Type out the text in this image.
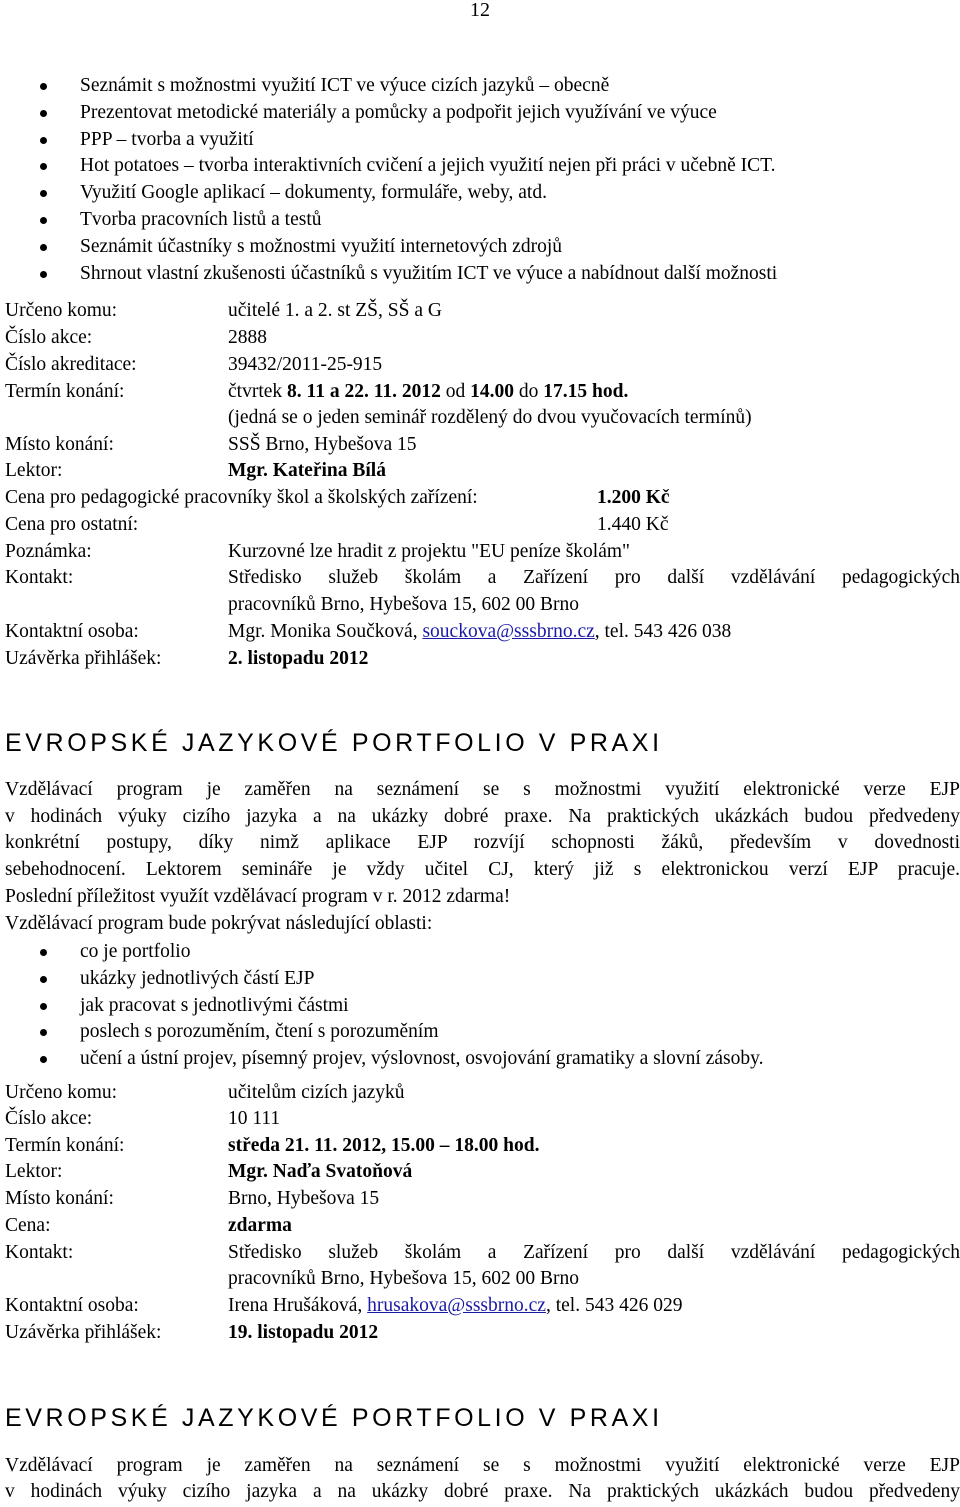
12
Seznámit s možnostmi využití ICT ve výuce cizích jazyků – obecně
Prezentovat metodické materiály a pomůcky a podpořit jejich využívání ve výuce
PPP – tvorba a využití
Hot potatoes – tvorba interaktivních cvičení a jejich využití nejen při práci v učebně ICT.
Využití Google aplikací – dokumenty, formuláře, weby, atd.
Tvorba pracovních listů a testů
Seznámit účastníky s možnostmi využití internetových zdrojů
Shrnout vlastní zkušenosti účastníků s využitím ICT ve výuce a nabídnout další možnosti
Určeno komu:	učitelé 1. a 2. st ZŠ, SŠ a G
Číslo akce:	2888
Číslo akreditace:	39432/2011-25-915
Termín konání:	čtvrtek 8. 11 a 22. 11. 2012 od 14.00 do 17.15 hod.
(jedná se o jeden seminář rozdělený do dvou vyučovacích termínů)
Místo konání:	SSŠ Brno, Hybešova 15
Lektor:	Mgr. Kateřina Bílá
Cena pro pedagogické pracovníky škol a školských zařízení:	1.200 Kč
Cena pro ostatní:	1.440 Kč
Poznámka:	Kurzovné lze hradit z projektu "EU peníze školám"
Kontakt:	Středisko služeb školám a Zařízení pro další vzdělávání pedagogických
pracovníků Brno, Hybešova 15, 602 00 Brno
Kontaktní osoba:	Mgr. Monika Součková, souckova@sssbrno.cz, tel. 543 426 038
Uzávěrka přihlášek:	2. listopadu 2012
EVROPSKÉ JAZYKOVÉ PORTFOLIO V PRAXI
Vzdělávací program je zaměřen na seznámení se s možnostmi využití elektronické verze EJP
v hodinách výuky cizího jazyka a na ukázky dobré praxe. Na praktických ukázkách budou předvedeny
konkrétní postupy, díky nimž aplikace EJP rozvíjí schopnosti žáků, především v dovednosti
sebehodnocení. Lektorem semináře je vždy učitel CJ, který již s elektronickou verzí EJP pracuje.
Poslední příležitost využít vzdělávací program v r. 2012 zdarma!
Vzdělávací program bude pokrývat následující oblasti:
co je portfolio
ukázky jednotlivých částí EJP
jak pracovat s jednotlivými částmi
poslech s porozuměním, čtení s porozuměním
učení a ústní projev, písemný projev, výslovnost, osvojování gramatiky a slovní zásoby.
Určeno komu:	učitelům cizích jazyků
Číslo akce:	10 111
Termín konání:	středa 21. 11. 2012, 15.00 – 18.00 hod.
Lektor:	Mgr. Naďa Svatoňová
Místo konání:	Brno, Hybešova 15
Cena:	zdarma
Kontakt:	Středisko služeb školám a Zařízení pro další vzdělávání pedagogických
pracovníků Brno, Hybešova 15, 602 00 Brno
Kontaktní osoba:	Irena Hrušáková, hrusakova@sssbrno.cz, tel. 543 426 029
Uzávěrka přihlášek:	19. listopadu 2012
EVROPSKÉ JAZYKOVÉ PORTFOLIO V PRAXI
Vzdělávací program je zaměřen na seznámení se s možnostmi využití elektronické verze EJP
v hodinách výuky cizího jazyka a na ukázky dobré praxe. Na praktických ukázkách budou předvedeny
